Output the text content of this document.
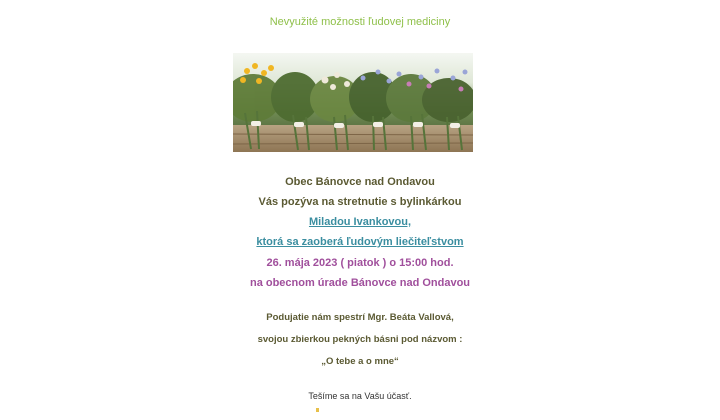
Nevyužité možnosti ľudovej mediciny
Obec Bánovce nad Ondavou
Vás pozýva na stretnutie s bylinkárkou
Miladou Ivankovou,
ktorá sa zaoberá ľudovým liečiteľstvom
26. mája 2023 ( piatok ) o 15:00 hod.
na obecnom úrade Bánovce nad Ondavou
Podujatie nám spestrí Mgr. Beáta Vallová,
svojou zbierkou pekných básni pod názvom :
„O tebe a o mne“
Tešíme sa na Vašu účasť.
